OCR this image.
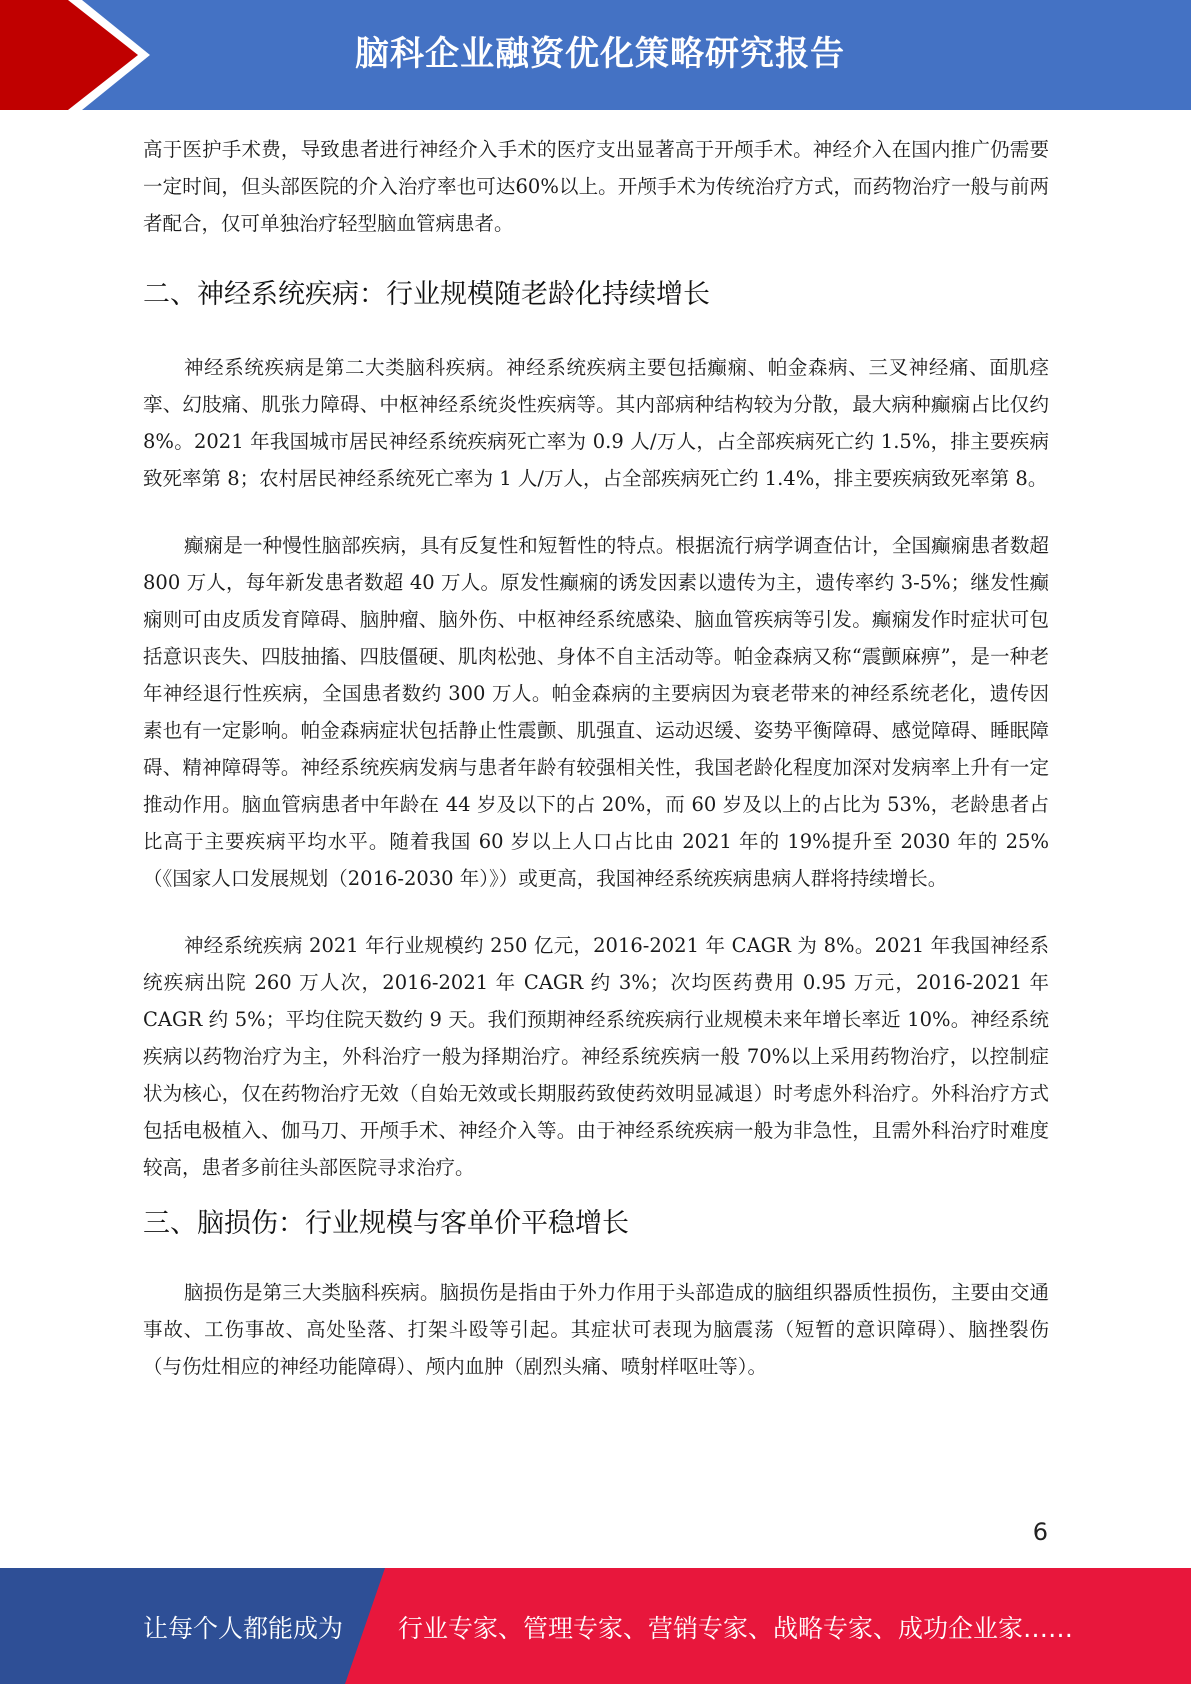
脑科企业融资优化策略研究报告

高于医护手术费，导致患者进行神经介入手术的医疗支出显著高于开颅手术。神经介入在国内推广仍需要一定时间，但头部医院的介入治疗率也可达60%以上。开颅手术为传统治疗方式，而药物治疗一般与前两者配合，仅可单独治疗轻型脑血管病患者。

二、神经系统疾病：行业规模随老龄化持续增长

神经系统疾病是第二大类脑科疾病。神经系统疾病主要包括癫痫、帕金森病、三叉神经痛、面肌痉挛、幻肢痛、肌张力障碍、中枢神经系统炎性疾病等。其内部病种结构较为分散，最大病种癫痫占比仅约 8%。2021 年我国城市居民神经系统疾病死亡率为 0.9 人/万人，占全部疾病死亡约 1.5%，排主要疾病致死率第 8；农村居民神经系统死亡率为 1 人/万人，占全部疾病死亡约 1.4%，排主要疾病致死率第 8。

癫痫是一种慢性脑部疾病，具有反复性和短暂性的特点。根据流行病学调查估计，全国癫痫患者数超 800 万人，每年新发患者数超 40 万人。原发性癫痫的诱发因素以遗传为主，遗传率约 3-5%；继发性癫痫则可由皮质发育障碍、脑肿瘤、脑外伤、中枢神经系统感染、脑血管疾病等引发。癫痫发作时症状可包括意识丧失、四肢抽搐、四肢僵硬、肌肉松弛、身体不自主活动等。帕金森病又称“震颤麻痹”，是一种老年神经退行性疾病，全国患者数约 300 万人。帕金森病的主要病因为衰老带来的神经系统老化，遗传因素也有一定影响。帕金森病症状包括静止性震颤、肌强直、运动迟缓、姿势平衡障碍、感觉障碍、睡眠障碍、精神障碍等。神经系统疾病发病与患者年龄有较强相关性，我国老龄化程度加深对发病率上升有一定推动作用。脑血管病患者中年龄在 44 岁及以下的占 20%，而 60 岁及以上的占比为 53%，老龄患者占比高于主要疾病平均水平。随着我国 60 岁以上人口占比由 2021 年的 19%提升至 2030 年的 25%（《国家人口发展规划（2016-2030 年）》）或更高，我国神经系统疾病患病人群将持续增长。

神经系统疾病 2021 年行业规模约 250 亿元，2016-2021 年 CAGR 为 8%。2021 年我国神经系统疾病出院 260 万人次，2016-2021 年 CAGR 约 3%；次均医药费用 0.95 万元，2016-2021 年 CAGR 约 5%；平均住院天数约 9 天。我们预期神经系统疾病行业规模未来年增长率近 10%。神经系统疾病以药物治疗为主，外科治疗一般为择期治疗。神经系统疾病一般 70%以上采用药物治疗，以控制症状为核心，仅在药物治疗无效（自始无效或长期服药致使药效明显减退）时考虑外科治疗。外科治疗方式包括电极植入、伽马刀、开颅手术、神经介入等。由于神经系统疾病一般为非急性，且需外科治疗时难度较高，患者多前往头部医院寻求治疗。

三、脑损伤：行业规模与客单价平稳增长

脑损伤是第三大类脑科疾病。脑损伤是指由于外力作用于头部造成的脑组织器质性损伤，主要由交通事故、工伤事故、高处坠落、打架斗殴等引起。其症状可表现为脑震荡（短暂的意识障碍）、脑挫裂伤（与伤灶相应的神经功能障碍）、颅内血肿（剧烈头痛、喷射样呕吐等）。

6
让每个人都能成为 行业专家、管理专家、营销专家、战略专家、成功企业家……
